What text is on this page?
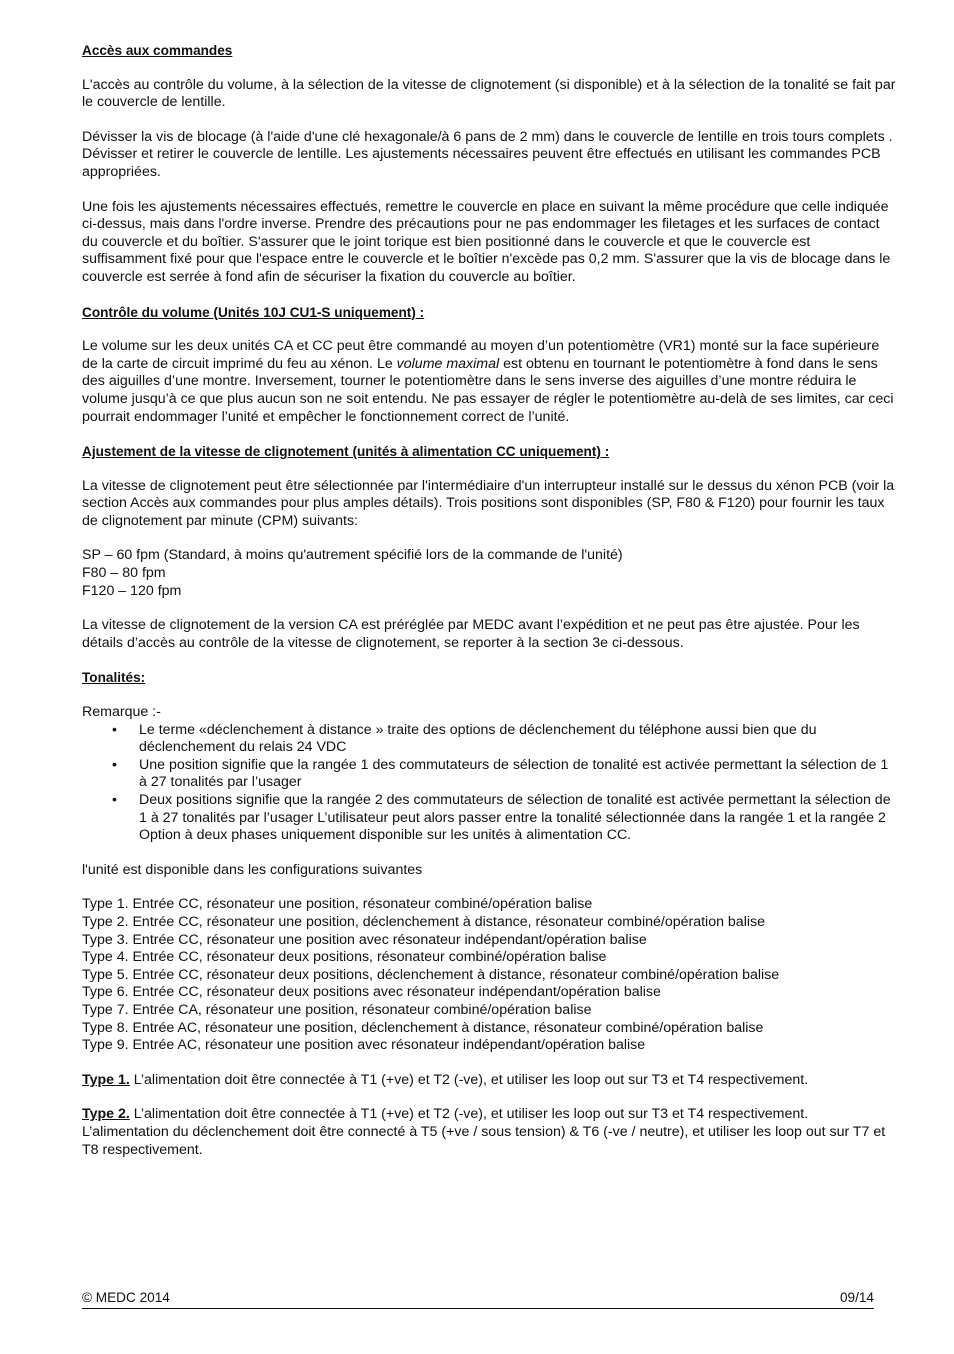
Accès aux commandes

L'accès au contrôle du volume, à la sélection de la vitesse de clignotement (si disponible) et à la sélection de la tonalité se fait par le couvercle de lentille.

Dévisser la vis de blocage (à l'aide d'une clé hexagonale/à 6 pans de 2 mm) dans le couvercle de lentille en trois tours complets . Dévisser et retirer le couvercle de lentille. Les ajustements nécessaires peuvent être effectués en utilisant les commandes PCB appropriées.

Une fois les ajustements nécessaires effectués, remettre le couvercle en place en suivant la même procédure que celle indiquée ci-dessus, mais dans l'ordre inverse. Prendre des précautions pour ne pas endommager les filetages et les surfaces de contact du couvercle et du boîtier. S'assurer que le joint torique est bien positionné dans le couvercle et que le couvercle est suffisamment fixé pour que l'espace entre le couvercle et le boîtier n'excède pas 0,2 mm. S'assurer que la vis de blocage dans le couvercle est serrée à fond afin de sécuriser la fixation du couvercle au boîtier.

Contrôle du volume (Unités 10J CU1-S uniquement) :

Le volume sur les deux unités CA et CC peut être commandé au moyen d’un potentiomètre (VR1) monté sur la face supérieure de la carte de circuit imprimé du feu au xénon. Le volume maximal est obtenu en tournant le potentiomètre à fond dans le sens des aiguilles d’une montre. Inversement, tourner le potentiomètre dans le sens inverse des aiguilles d’une montre réduira le volume jusqu’à ce que plus aucun son ne soit entendu. Ne pas essayer de régler le potentiomètre au-delà de ses limites, car ceci pourrait endommager l’unité et empêcher le fonctionnement correct de l’unité.

Ajustement de la vitesse de clignotement (unités à alimentation CC uniquement) :

La vitesse de clignotement peut être sélectionnée par l'intermédiaire d'un interrupteur installé sur le dessus du xénon PCB (voir la section Accès aux commandes pour plus amples détails). Trois positions sont disponibles (SP, F80 & F120) pour fournir les taux de clignotement par minute (CPM) suivants:

SP – 60 fpm (Standard, à moins qu'autrement spécifié lors de la commande de l'unité)

F80 – 80 fpm

F120 – 120 fpm

La vitesse de clignotement de la version CA est préréglée par MEDC avant l’expédition et ne peut pas être ajustée. Pour les détails d’accès au contrôle de la vitesse de clignotement, se reporter à la section 3e ci-dessous.

Tonalités:

Remarque :-

• Le terme «déclenchement à distance » traite des options de déclenchement du téléphone aussi bien que du déclenchement du relais 24 VDC
• Une position signifie que la rangée 1 des commutateurs de sélection de tonalité est activée permettant la sélection de 1 à 27 tonalités par l’usager
• Deux positions signifie que la rangée 2 des commutateurs de sélection de tonalité est activée permettant la sélection de 1 à 27 tonalités par l’usager L’utilisateur peut alors passer entre la tonalité sélectionnée dans la rangée 1 et la rangée 2 Option à deux phases uniquement disponible sur les unités à alimentation CC.

l'unité est disponible dans les configurations suivantes

Type 1. Entrée CC, résonateur une position, résonateur combiné/opération balise

Type 2. Entrée CC, résonateur une position, déclenchement à distance, résonateur combiné/opération balise

Type 3. Entrée CC, résonateur une position avec résonateur indépendant/opération balise

Type 4. Entrée CC, résonateur deux positions, résonateur combiné/opération balise

Type 5. Entrée CC, résonateur deux positions, déclenchement à distance, résonateur combiné/opération balise

Type 6. Entrée CC, résonateur deux positions avec résonateur indépendant/opération balise

Type 7. Entrée CA, résonateur une position, résonateur combiné/opération balise

Type 8. Entrée AC, résonateur une position, déclenchement à distance, résonateur combiné/opération balise

Type 9. Entrée AC, résonateur une position avec résonateur indépendant/opération balise

Type 1. L’alimentation doit être connectée à T1 (+ve) et T2 (-ve), et utiliser les loop out sur T3 et T4 respectivement.

Type 2. L’alimentation doit être connectée à T1 (+ve) et T2 (-ve), et utiliser les loop out sur T3 et T4 respectivement. L’alimentation du déclenchement doit être connecté à T5 (+ve / sous tension) & T6 (-ve / neutre), et utiliser les loop out sur T7 et T8 respectivement.

© MEDC 2014	09/14
